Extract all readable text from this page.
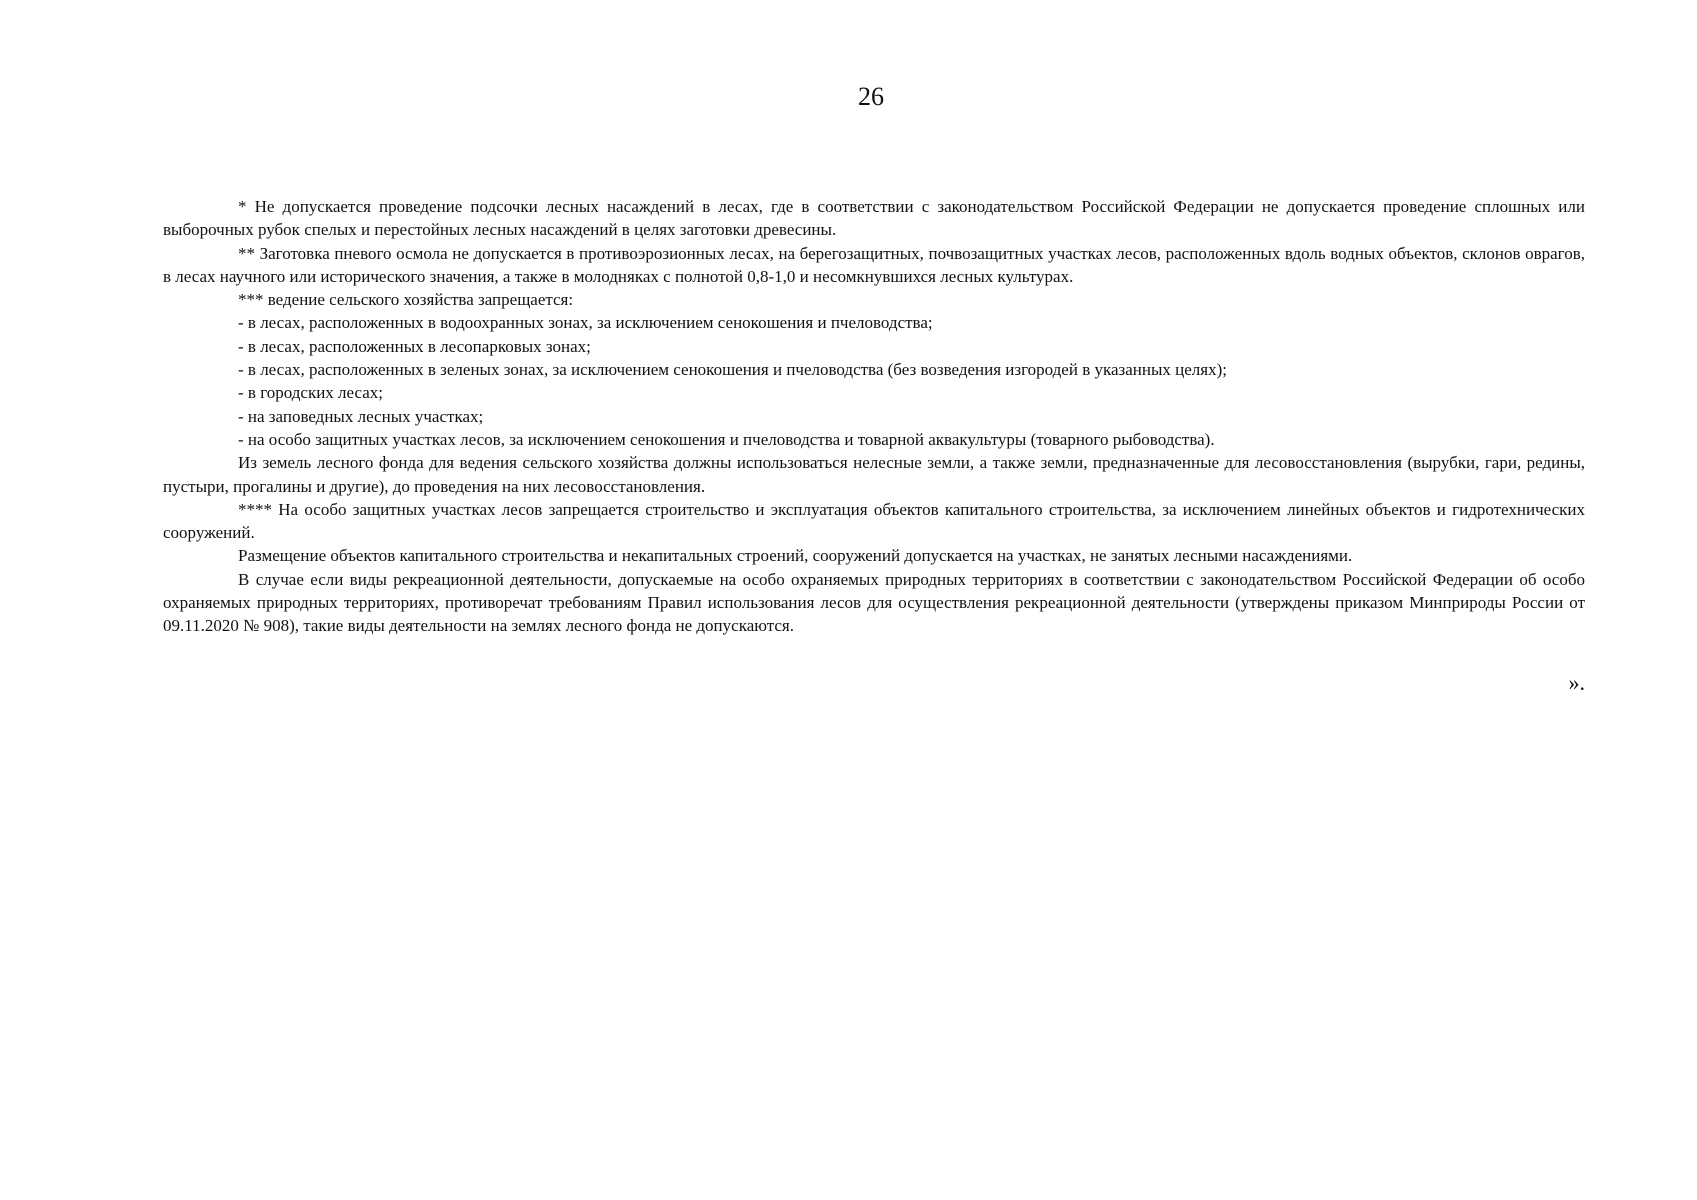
26

* Не допускается проведение подсочки лесных насаждений в лесах, где в соответствии с законодательством Российской Федерации не допускается проведение сплошных или выборочных рубок спелых и перестойных лесных насаждений в целях заготовки древесины.

** Заготовка пневого осмола не допускается в противоэрозионных лесах, на берегозащитных, почвозащитных участках лесов, расположенных вдоль водных объектов, склонов оврагов, в лесах научного или исторического значения, а также в молодняках с полнотой 0,8-1,0 и несомкнувшихся лесных культурах.

*** ведение сельского хозяйства запрещается:

- в лесах, расположенных в водоохранных зонах, за исключением сенокошения и пчеловодства;

- в лесах, расположенных в лесопарковых зонах;

- в лесах, расположенных в зеленых зонах, за исключением сенокошения и пчеловодства (без возведения изгородей в указанных целях);

- в городских лесах;

- на заповедных лесных участках;

- на особо защитных участках лесов, за исключением сенокошения и пчеловодства и товарной аквакультуры (товарного рыбоводства).

Из земель лесного фонда для ведения сельского хозяйства должны использоваться нелесные земли, а также земли, предназначенные для лесовосстановления (вырубки, гари, редины, пустыри, прогалины и другие), до проведения на них лесовосстановления.

**** На особо защитных участках лесов запрещается строительство и эксплуатация объектов капитального строительства, за исключением линейных объектов и гидротехнических сооружений.

Размещение объектов капитального строительства и некапитальных строений, сооружений допускается на участках, не занятых лесными насаждениями.

В случае если виды рекреационной деятельности, допускаемые на особо охраняемых природных территориях в соответствии с законодательством Российской Федерации об особо охраняемых природных территориях, противоречат требованиям Правил использования лесов для осуществления рекреационной деятельности (утверждены приказом Минприроды России от 09.11.2020 № 908), такие виды деятельности на землях лесного фонда не допускаются.

».
